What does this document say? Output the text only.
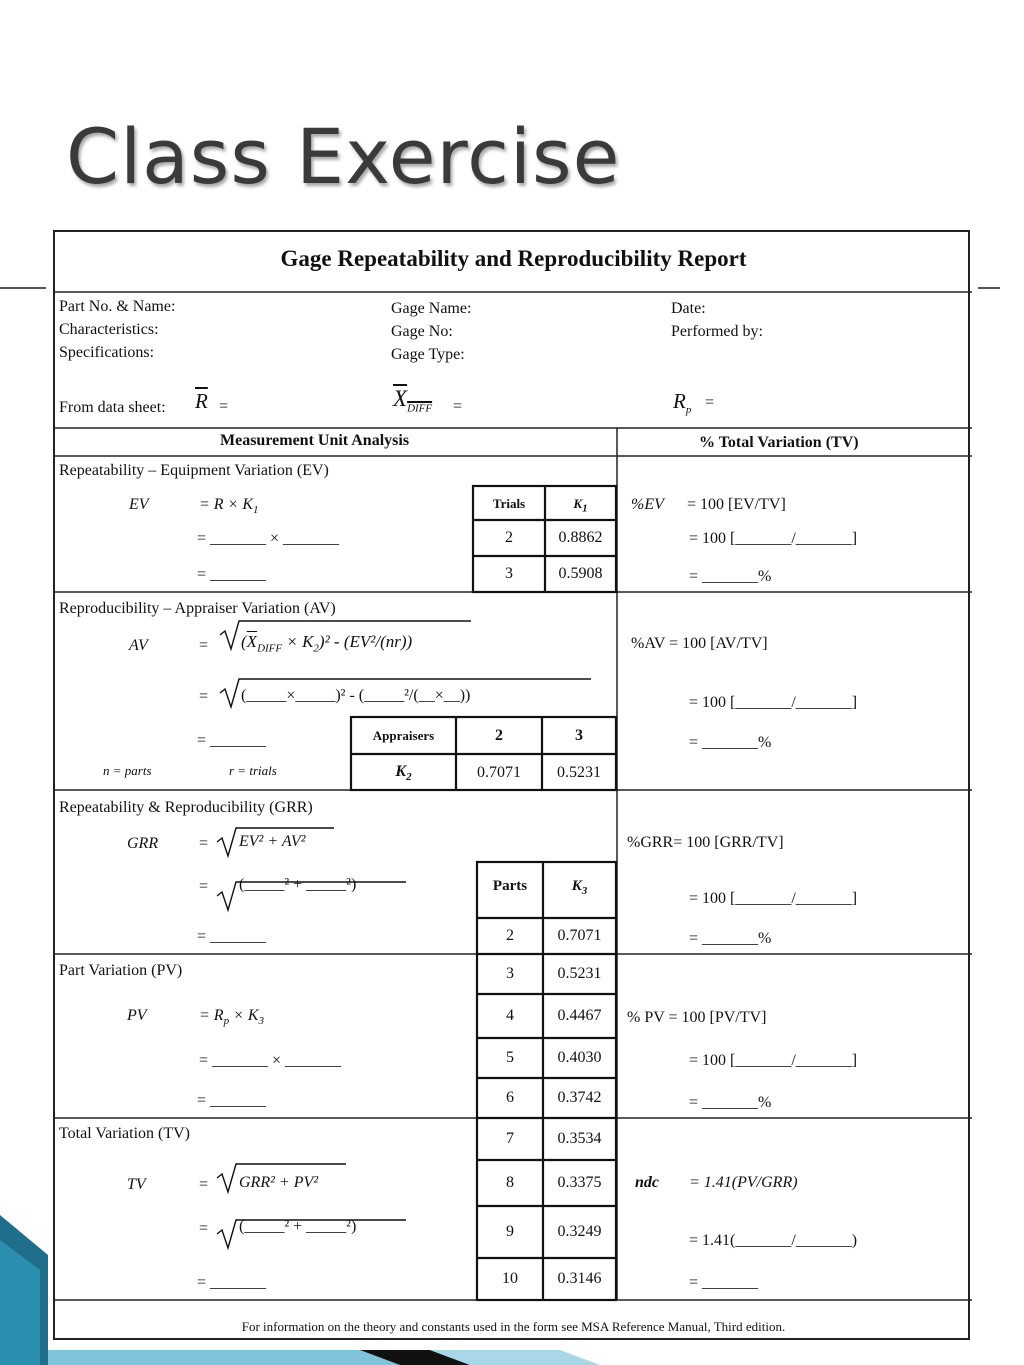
Class Exercise
Gage Repeatability and Reproducibility Report
Part No. & Name:
Characteristics:
Specifications:
Gage Name:
Gage No:
Gage Type:
Date:
Performed by:
From data sheet: $\overline{R}$ =	$X_{DIFF}$ =	$R_p$ =
Measurement Unit Analysis	% Total Variation (TV)
Repeatability – Equipment Variation (EV)
EV	= $R \times K_1$
= _______ × _______
= _______
Trials	$K_1$
2	0.8862
3	0.5908
%EV = 100 [EV/TV]
= 100 [_______/_______]
= _______%
Reproducibility – Appraiser Variation (AV)
AV	= $(\overline{X}_{DIFF} \times K_2)^2 - (EV^2/(nr))$
= (_____×_____)² - (_____²/(__×__))
= _______
n = parts	r = trials
Appraisers	2	3
$K_2$	0.7071	0.5231
%AV = 100 [AV/TV]
= 100 [_______/_______]
= _______%
Repeatability & Reproducibility (GRR)
GRR	= EV² + AV²
= (_____² + _____²)
= _______
%GRR= 100 [GRR/TV]
= 100 [_______/_______]
= _______%
Parts	$K_3$
2	0.7071
3	0.5231
4	0.4467
5	0.4030
6	0.3742
7	0.3534
8	0.3375
9	0.3249
10	0.3146
Part Variation (PV)
PV	= $R_p \times K_3$
= _______ × _______
= _______
% PV = 100 [PV/TV]
= 100 [_______/_______]
= _______%
Total Variation (TV)
TV	= GRR² + PV²
= (_____² + _____²)
= _______
ndc = 1.41(PV/GRR)
= 1.41(_______/_______)
= _______
For information on the theory and constants used in the form see MSA Reference Manual, Third edition.
